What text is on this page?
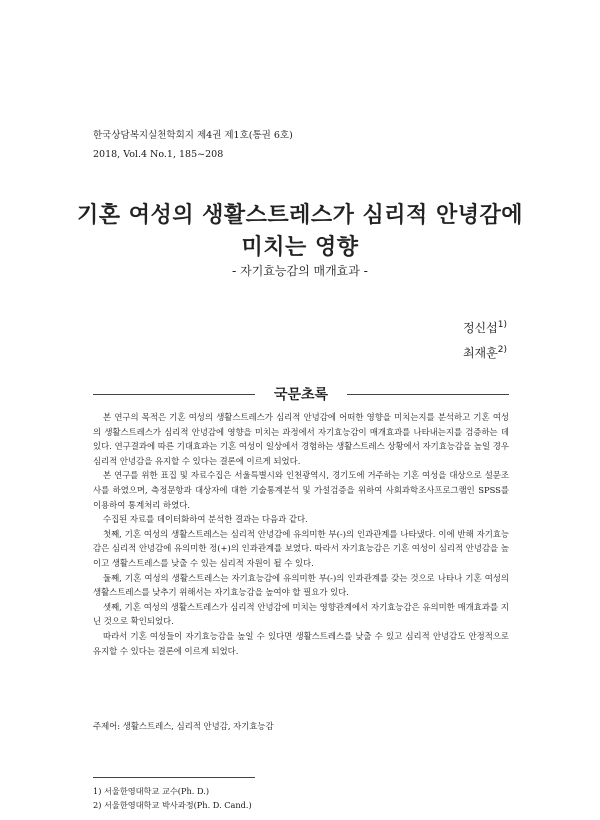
한국상담복지실천학회지 제4권 제1호(통권 6호)
2018, Vol.4 No.1, 185~208
기혼 여성의 생활스트레스가 심리적 안녕감에
미치는 영향
- 자기효능감의 매개효과 -
정신섭$^{1)}$
최재훈$^{2)}$
국문초록

본 연구의 목적은 기혼 여성의 생활스트레스가 심리적 안녕감에 어떠한 영향을 미치는지를 분석하고 기혼 여성의 생활스트레스가 심리적 안녕감에 영향을 미치는 과정에서 자기효능감이 매개효과를 나타내는지를 검증하는 데 있다. 연구결과에 따른 기대효과는 기혼 여성이 일상에서 경험하는 생활스트레스 상황에서 자기효능감을 높일 경우 심리적 안녕감을 유지할 수 있다는 결론에 이르게 되었다.

본 연구를 위한 표집 및 자료수집은 서울특별시와 인천광역시, 경기도에 거주하는 기혼 여성을 대상으로 설문조사를 하였으며, 측정문항과 대상자에 대한 기술통계분석 및 가설검증을 위하여 사회과학조사프로그램인 SPSS를 이용하여 통계처리 하였다.

수집된 자료를 데이터화하여 분석한 결과는 다음과 같다.

첫째, 기혼 여성의 생활스트레스는 심리적 안녕감에 유의미한 부(-)의 인과관계를 나타냈다. 이에 반해 자기효능감은 심리적 안녕감에 유의미한 정(+)의 인과관계를 보였다. 따라서 자기효능감은 기혼 여성이 심리적 안녕감을 높이고 생활스트레스를 낮출 수 있는 심리적 자원이 될 수 있다.

둘째, 기혼 여성의 생활스트레스는 자기효능감에 유의미한 부(-)의 인과관계를 갖는 것으로 나타나 기혼 여성의 생활스트레스를 낮추기 위해서는 자기효능감을 높여야 할 필요가 있다.

셋째, 기혼 여성의 생활스트레스가 심리적 안녕감에 미치는 영향관계에서 자기효능감은 유의미한 매개효과를 지닌 것으로 확인되었다.

따라서 기혼 여성들이 자기효능감을 높일 수 있다면 생활스트레스를 낮출 수 있고 심리적 안녕감도 안정적으로 유지할 수 있다는 결론에 이르게 되었다.

주제어: 생활스트레스, 심리적 안녕감, 자기효능감
1) 서울한영대학교 교수(Ph. D.)
2) 서울한영대학교 박사과정(Ph. D. Cand.)
